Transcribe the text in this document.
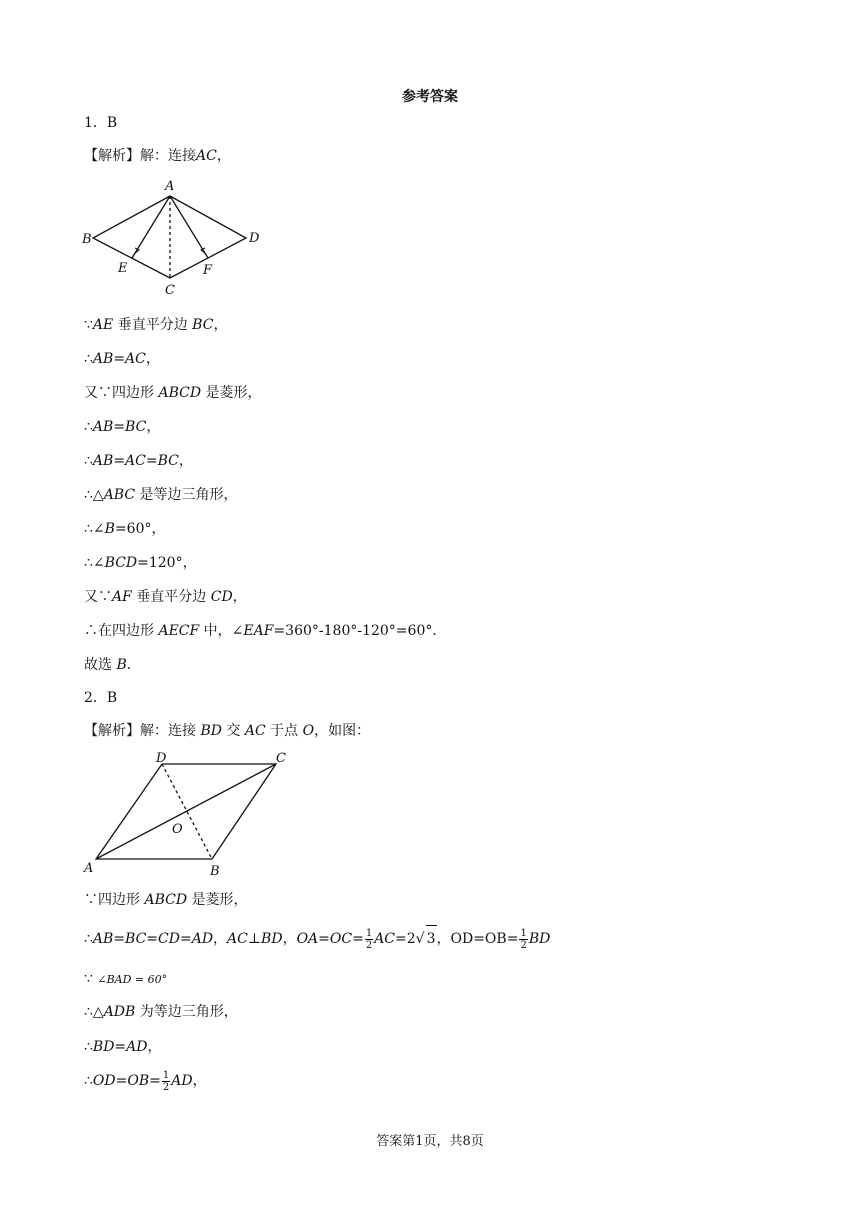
参考答案
1．B
【解析】解：连接AC，
A
B
C
D
E	F
∵AE 垂直平分边 BC，
∴AB=AC，
又∵四边形 ABCD 是菱形，
∴AB=BC，
∴AB=AC=BC，
∴△ABC 是等边三角形，
∴∠B=60°，
∴∠BCD=120°，
又∵AF 垂直平分边 CD，
∴在四边形 AECF 中，∠EAF=360°-180°-120°=60°.
故选 B.
2．B
【解析】解：连接 BD 交 AC 于点 O，如图：
A	B
C
D
O
∵四边形 ABCD 是菱形，
∴AB=BC=CD=AD，AC⊥BD，$OA=OC= \frac{1}{2} AC=2√$ 3，$OD=OB= \frac{1}{2}$ BD
∵ ∠BAD = 60°
∴△ADB 为等边三角形，
∴BD=AD，
∴OD=OB= $\frac{1}{2}$ AD，
答案第1页，共8页
